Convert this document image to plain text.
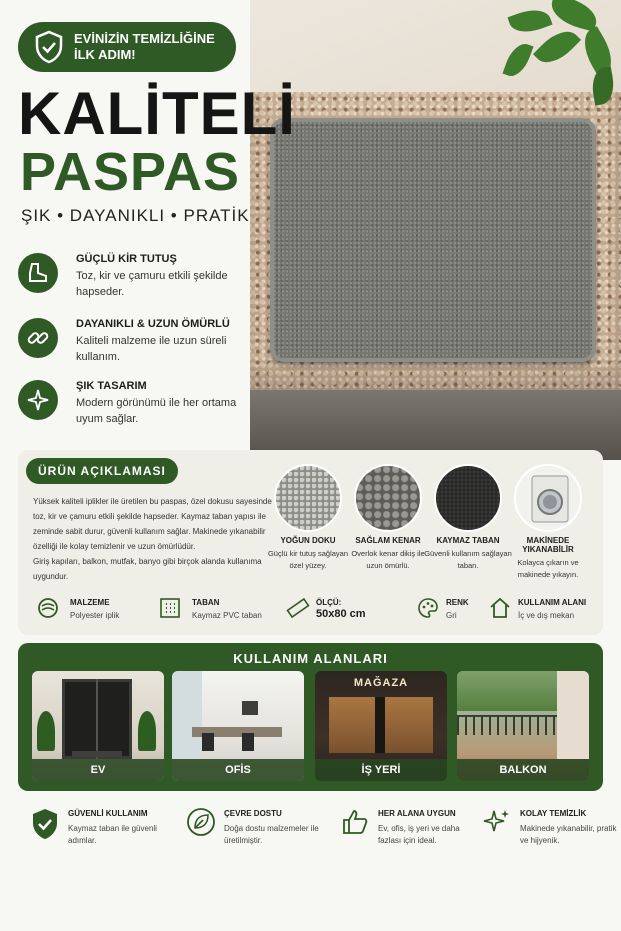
EVİNİZİN TEMİZLİĞİNE
İLK ADIM!
KALİTELİ
PASPAS
ŞIK • DAYANIKLI • PRATİK
GÜÇLÜ KİR TUTUŞ
Toz, kir ve çamuru etkili şekilde hapseder.
DAYANIKLI & UZUN ÖMÜRLÜ
Kaliteli malzeme ile uzun süreli kullanım.
ŞIK TASARIM
Modern görünümü ile her ortama uyum sağlar.
ÜRÜN AÇIKLAMASI
Yüksek kaliteli iplikler ile üretilen bu paspas, özel dokusu sayesinde toz, kir ve çamuru etkili şekilde hapseder. Kaymaz taban yapısı ile zeminde sabit durur, güvenli kullanım sağlar. Makinede yıkanabilir özelliği ile kolay temizlenir ve uzun ömürlüdür.
Giriş kapıları, balkon, mutfak, banyo gibi birçok alanda kullanıma uygundur.
YOĞUN DOKU
Güçlü kir tutuş sağlayan özel yüzey.
SAĞLAM KENAR
Overlok kenar dikiş ile uzun ömürlü.
KAYMAZ TABAN
Güvenli kullanım sağlayan taban.
MAKİNEDE YIKANABİLİR
Kolayca çıkarın ve makinede yıkayın.
MALZEME
Polyester iplik
TABAN
Kaymaz PVC taban
ÖLÇÜ:
50x80 cm
RENK
Gri
KULLANIM ALANI
İç ve dış mekan
KULLANIM ALANLARI
EV	OFİS
MAĞAZA
İŞ YERİ	BALKON
GÜVENLİ KULLANIM
Kaymaz taban ile güvenli adımlar.
ÇEVRE DOSTU
Doğa dostu malzemeler ile üretilmiştir.
HER ALANA UYGUN
Ev, ofis, iş yeri ve daha fazlası için ideal.
KOLAY TEMİZLİK
Makinede yıkanabilir, pratik ve hijyenik.
